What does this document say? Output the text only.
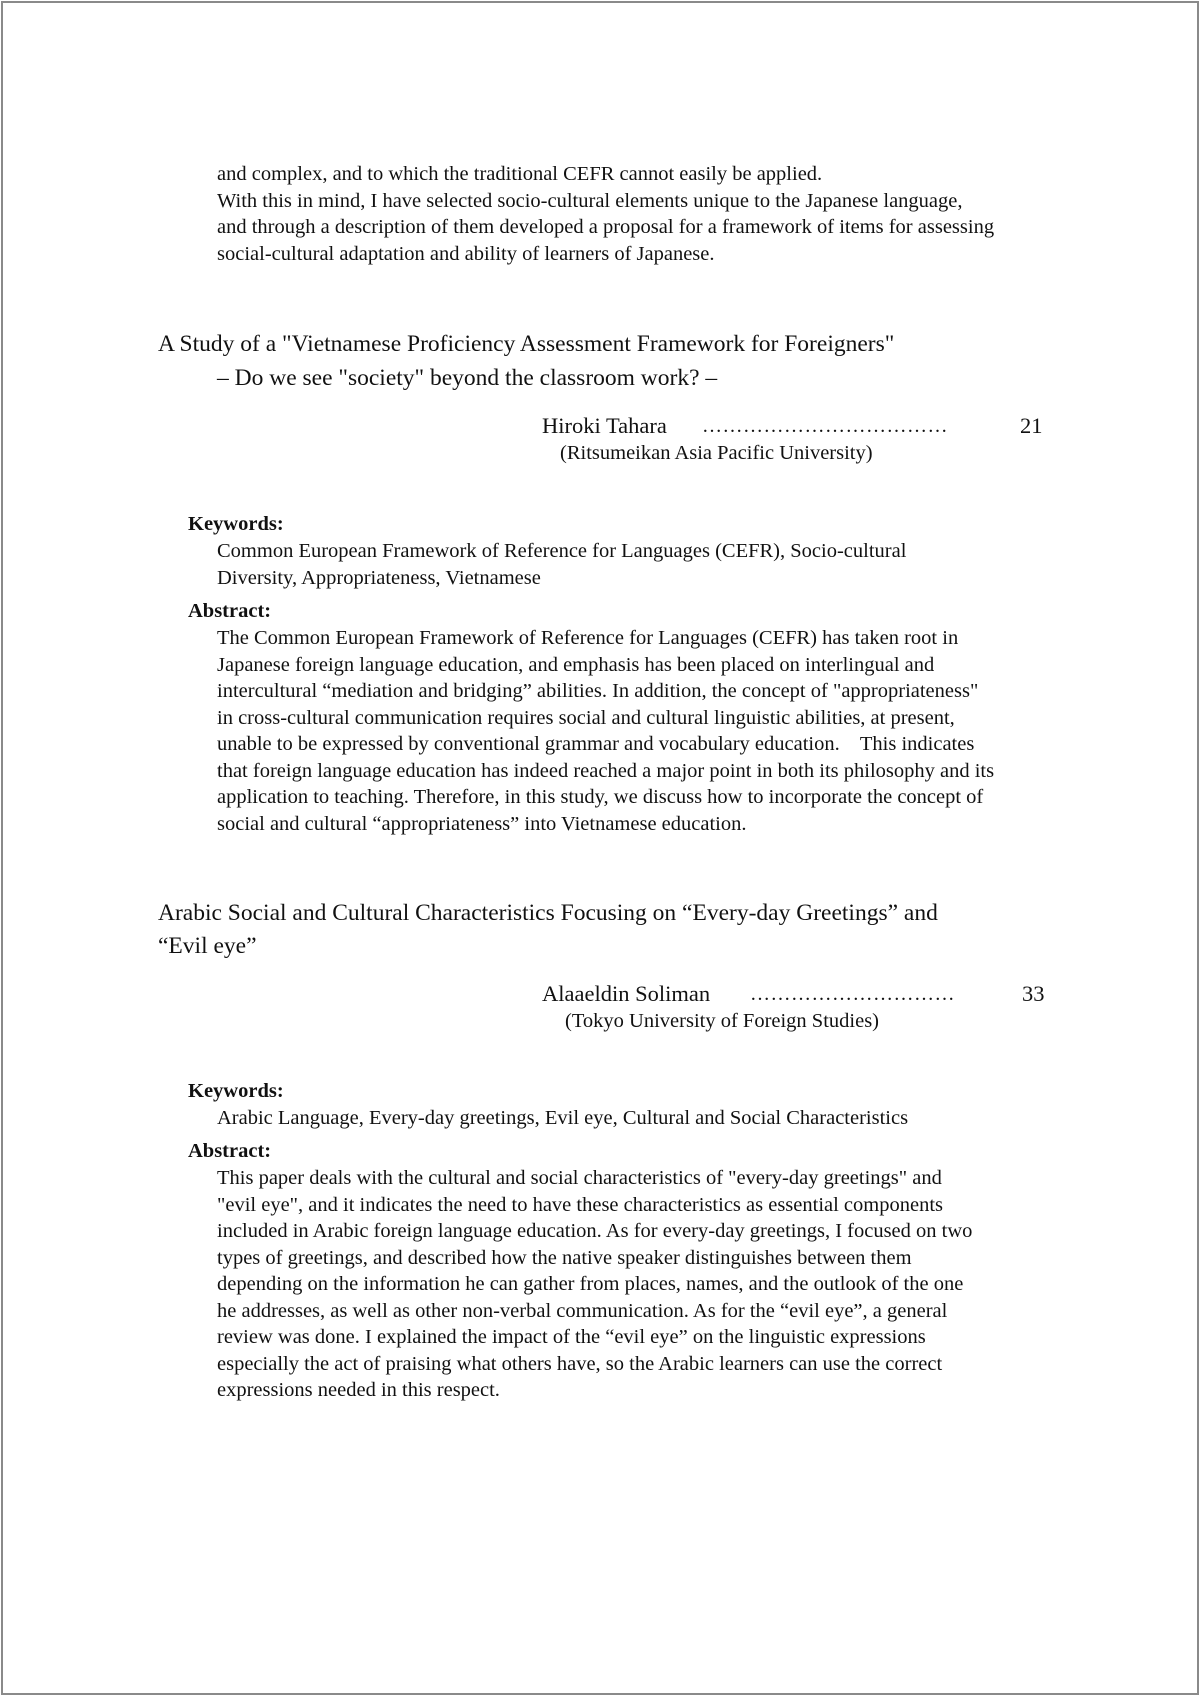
and complex, and to which the traditional CEFR cannot easily be applied.
With this in mind, I have selected socio-cultural elements unique to the Japanese language,
and through a description of them developed a proposal for a framework of items for assessing
social-cultural adaptation and ability of learners of Japanese.
A Study of a "Vietnamese Proficiency Assessment Framework for Foreigners"
– Do we see "society" beyond the classroom work? –
Hiroki Tahara ………………………………	21
(Ritsumeikan Asia Pacific University)
Keywords:
Common European Framework of Reference for Languages (CEFR), Socio-cultural
Diversity, Appropriateness, Vietnamese
Abstract:
The Common European Framework of Reference for Languages (CEFR) has taken root in
Japanese foreign language education, and emphasis has been placed on interlingual and
intercultural “mediation and bridging” abilities. In addition, the concept of "appropriateness"
in cross-cultural communication requires social and cultural linguistic abilities, at present,
unable to be expressed by conventional grammar and vocabulary education.    This indicates
that foreign language education has indeed reached a major point in both its philosophy and its
application to teaching. Therefore, in this study, we discuss how to incorporate the concept of
social and cultural “appropriateness” into Vietnamese education.
Arabic Social and Cultural Characteristics Focusing on “Every-day Greetings” and
“Evil eye”
Alaaeldin Soliman …………………………	33
(Tokyo University of Foreign Studies)
Keywords:
Arabic Language, Every-day greetings, Evil eye, Cultural and Social Characteristics
Abstract:
This paper deals with the cultural and social characteristics of "every-day greetings" and
"evil eye", and it indicates the need to have these characteristics as essential components
included in Arabic foreign language education. As for every-day greetings, I focused on two
types of greetings, and described how the native speaker distinguishes between them
depending on the information he can gather from places, names, and the outlook of the one
he addresses, as well as other non-verbal communication. As for the “evil eye”, a general
review was done. I explained the impact of the “evil eye” on the linguistic expressions
especially the act of praising what others have, so the Arabic learners can use the correct
expressions needed in this respect.
